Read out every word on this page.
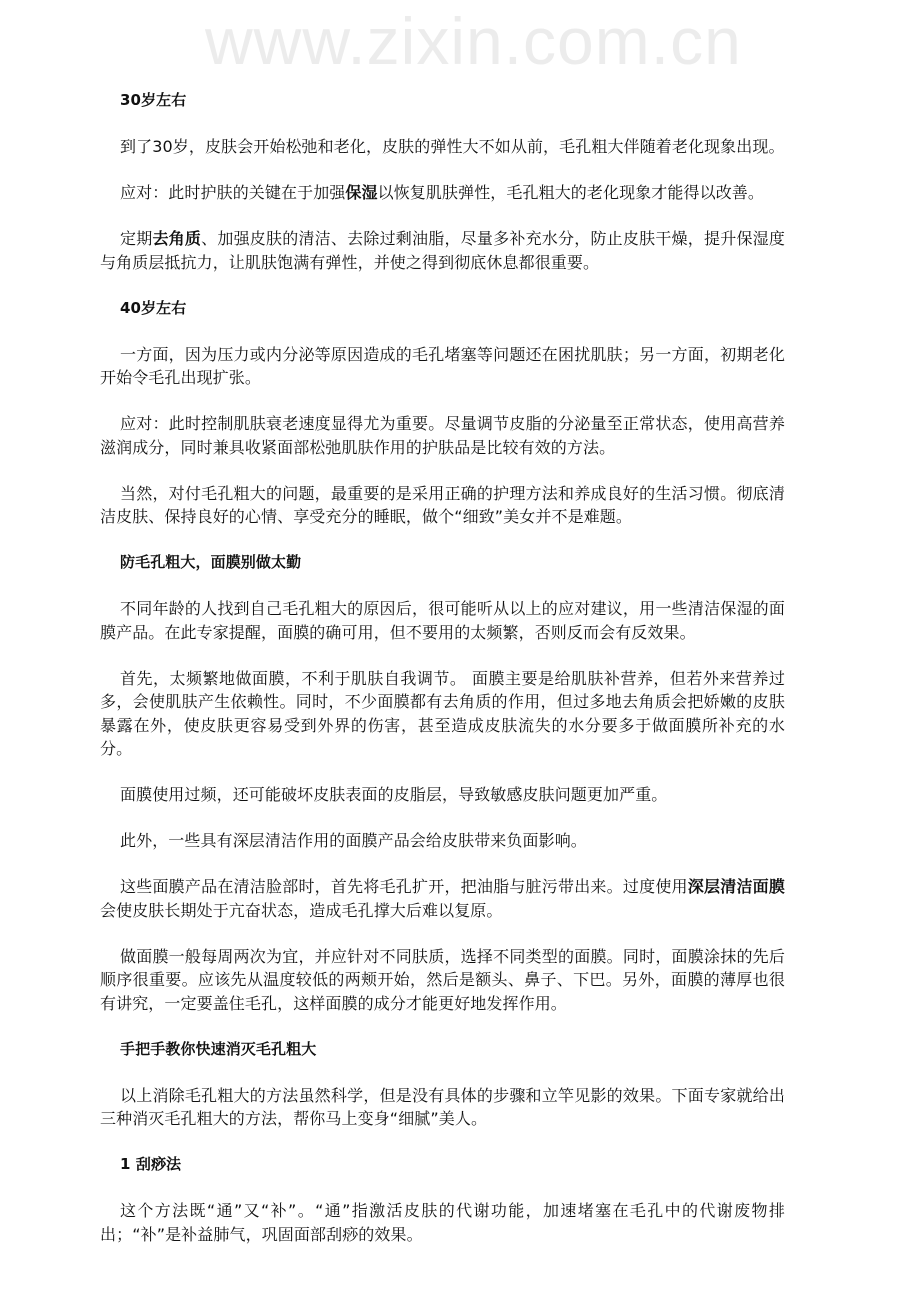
www.zixin.com.cn

30岁左右

到了30岁，皮肤会开始松弛和老化，皮肤的弹性大不如从前，毛孔粗大伴随着老化现象出现。

应对：此时护肤的关键在于加强保湿以恢复肌肤弹性，毛孔粗大的老化现象才能得以改善。

定期去角质、加强皮肤的清洁、去除过剩油脂，尽量多补充水分，防止皮肤干燥，提升保湿度与角质层抵抗力，让肌肤饱满有弹性，并使之得到彻底休息都很重要。

40岁左右

一方面，因为压力或内分泌等原因造成的毛孔堵塞等问题还在困扰肌肤；另一方面，初期老化开始令毛孔出现扩张。

应对：此时控制肌肤衰老速度显得尤为重要。尽量调节皮脂的分泌量至正常状态，使用高营养滋润成分，同时兼具收紧面部松弛肌肤作用的护肤品是比较有效的方法。

当然，对付毛孔粗大的问题，最重要的是采用正确的护理方法和养成良好的生活习惯。彻底清洁皮肤、保持良好的心情、享受充分的睡眠，做个“细致”美女并不是难题。

防毛孔粗大，面膜别做太勤

不同年龄的人找到自己毛孔粗大的原因后，很可能听从以上的应对建议，用一些清洁保湿的面膜产品。在此专家提醒，面膜的确可用，但不要用的太频繁，否则反而会有反效果。

首先，太频繁地做面膜，不利于肌肤自我调节。 面膜主要是给肌肤补营养，但若外来营养过多，会使肌肤产生依赖性。同时，不少面膜都有去角质的作用，但过多地去角质会把娇嫩的皮肤暴露在外，使皮肤更容易受到外界的伤害，甚至造成皮肤流失的水分要多于做面膜所补充的水分。

面膜使用过频，还可能破坏皮肤表面的皮脂层，导致敏感皮肤问题更加严重。

此外，一些具有深层清洁作用的面膜产品会给皮肤带来负面影响。

这些面膜产品在清洁脸部时，首先将毛孔扩开，把油脂与脏污带出来。过度使用深层清洁面膜会使皮肤长期处于亢奋状态，造成毛孔撑大后难以复原。

做面膜一般每周两次为宜，并应针对不同肤质，选择不同类型的面膜。同时，面膜涂抹的先后顺序很重要。应该先从温度较低的两颊开始，然后是额头、鼻子、下巴。另外，面膜的薄厚也很有讲究，一定要盖住毛孔，这样面膜的成分才能更好地发挥作用。

手把手教你快速消灭毛孔粗大

以上消除毛孔粗大的方法虽然科学，但是没有具体的步骤和立竿见影的效果。下面专家就给出三种消灭毛孔粗大的方法，帮你马上变身“细腻”美人。

1 刮痧法

这个方法既“通”又“补”。“通”指激活皮肤的代谢功能，加速堵塞在毛孔中的代谢废物排出；“补”是补益肺气，巩固面部刮痧的效果。
